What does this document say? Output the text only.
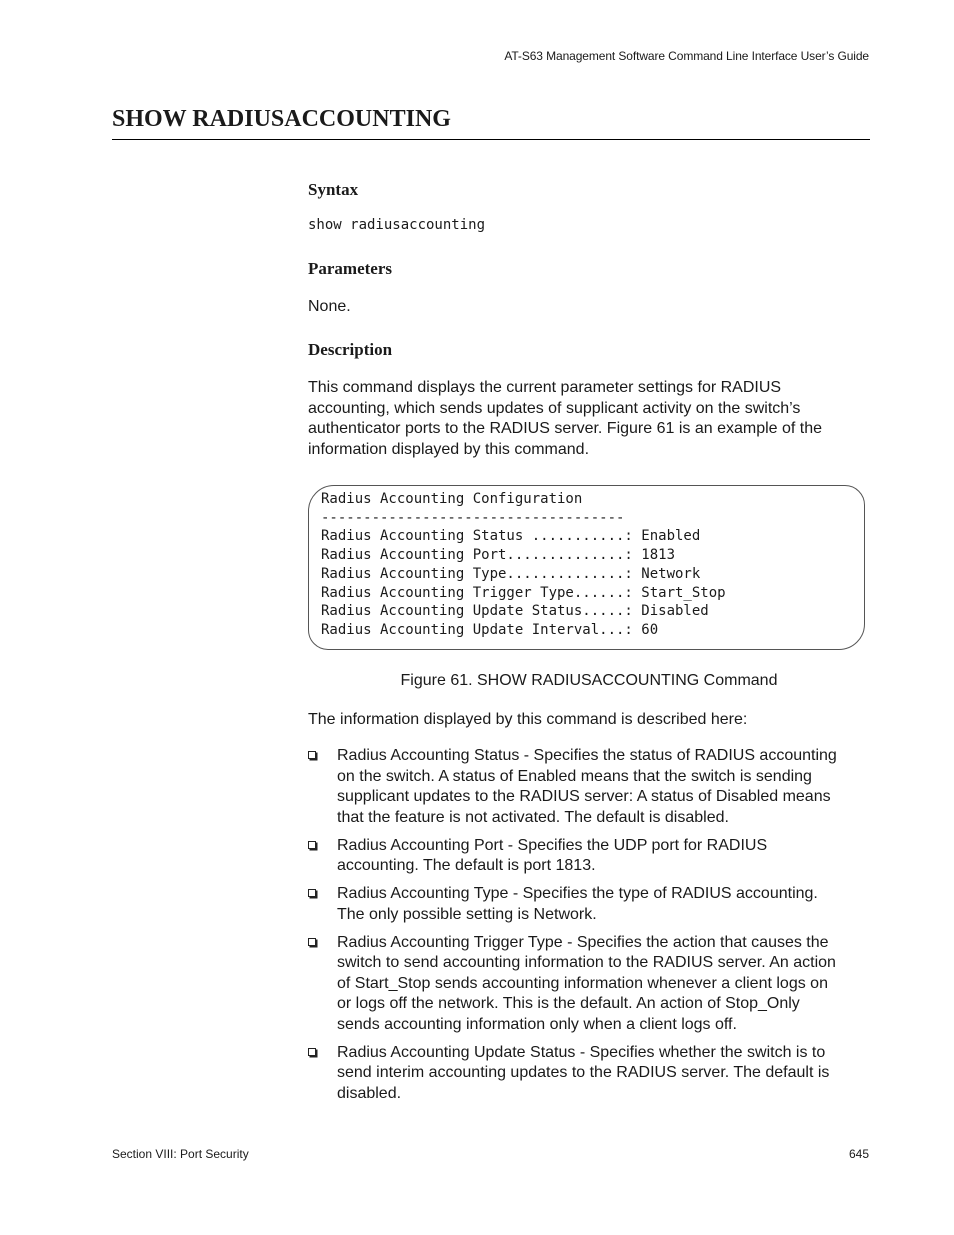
AT-S63 Management Software Command Line Interface User’s Guide
SHOW RADIUSACCOUNTING
Syntax
show radiusaccounting
Parameters

None.

Description

This command displays the current parameter settings for RADIUS
accounting, which sends updates of supplicant activity on the switch’s
authenticator ports to the RADIUS server. Figure 61 is an example of the
information displayed by this command.

The information displayed by this command is described here:

Radius Accounting Configuration
------------------------------------
Radius Accounting Status ...........: Enabled
Radius Accounting Port..............: 1813
Radius Accounting Type..............: Network
Radius Accounting Trigger Type......: Start_Stop
Radius Accounting Update Status.....: Disabled
Radius Accounting Update Interval...: 60

Figure 61. SHOW RADIUSACCOUNTING Command

Radius Accounting Status - Specifies the status of RADIUS accounting
on the switch. A status of Enabled means that the switch is sending
supplicant updates to the RADIUS server: A status of Disabled means
that the feature is not activated. The default is disabled.
Radius Accounting Port - Specifies the UDP port for RADIUS
accounting. The default is port 1813.
Radius Accounting Type - Specifies the type of RADIUS accounting.
The only possible setting is Network.
Radius Accounting Trigger Type - Specifies the action that causes the
switch to send accounting information to the RADIUS server. An action
of Start_Stop sends accounting information whenever a client logs on
or logs off the network. This is the default. An action of Stop_Only
sends accounting information only when a client logs off.
Radius Accounting Update Status - Specifies whether the switch is to
send interim accounting updates to the RADIUS server. The default is
disabled.
Section VIII: Port Security	645
